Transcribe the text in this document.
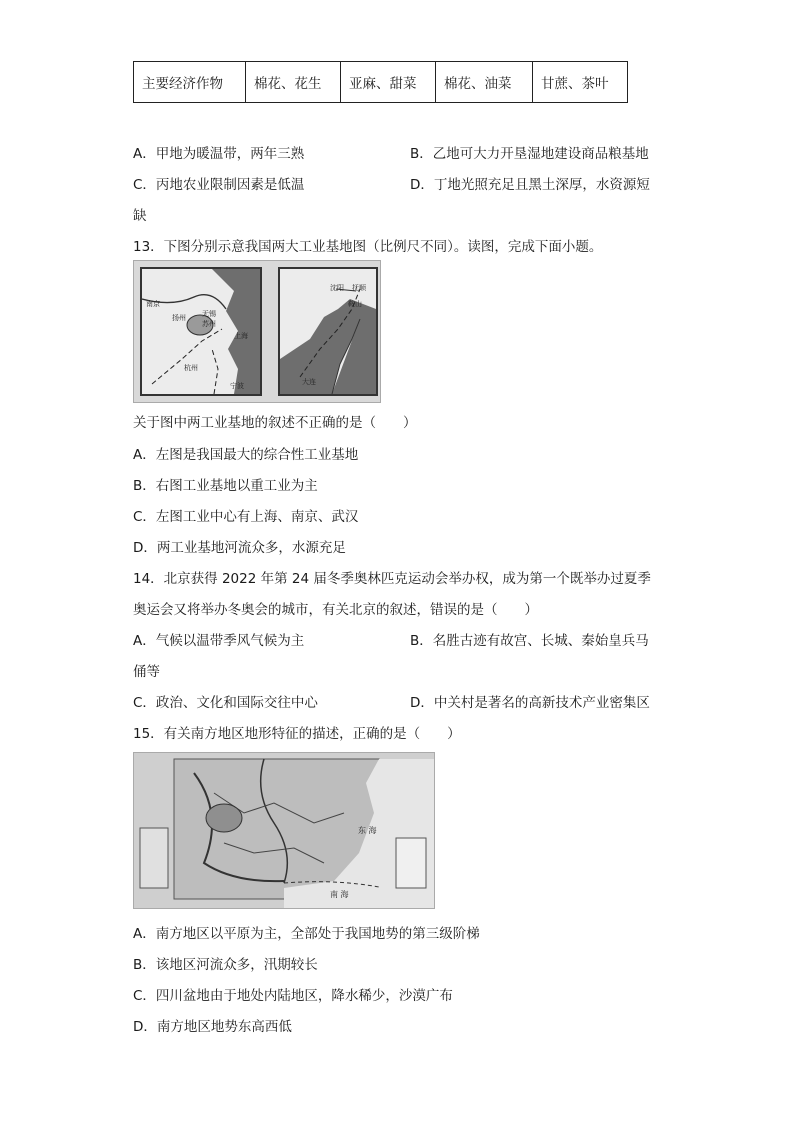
主要经济作物	棉花、花生	亚麻、甜菜	棉花、油菜	甘蔗、茶叶
A．甲地为暖温带，两年三熟	B．乙地可大力开垦湿地建设商品粮基地
C．丙地农业限制因素是低温	D．丁地光照充足且黑土深厚，水资源短
缺
13．下图分别示意我国两大工业基地图（比例尺不同）。读图，完成下面小题。
南京
无锡
苏州
扬州
上海
杭州
宁波
沈阳 抚顺
鞍山
大连
关于图中两工业基地的叙述不正确的是（　　）
A．左图是我国最大的综合性工业基地
B．右图工业基地以重工业为主
C．左图工业中心有上海、南京、武汉
D．两工业基地河流众多，水源充足
14．北京获得 2022 年第 24 届冬季奥林匹克运动会举办权，成为第一个既举办过夏季
奥运会又将举办冬奥会的城市，有关北京的叙述，错误的是（　　）
A．气候以温带季风气候为主	B．名胜古迹有故宫、长城、秦始皇兵马
俑等
C．政治、文化和国际交往中心	D．中关村是著名的高新技术产业密集区
15．有关南方地区地形特征的描述，正确的是（　　）
东 海
南 海
A．南方地区以平原为主，全部处于我国地势的第三级阶梯
B．该地区河流众多，汛期较长
C．四川盆地由于地处内陆地区，降水稀少，沙漠广布
D．南方地区地势东高西低
